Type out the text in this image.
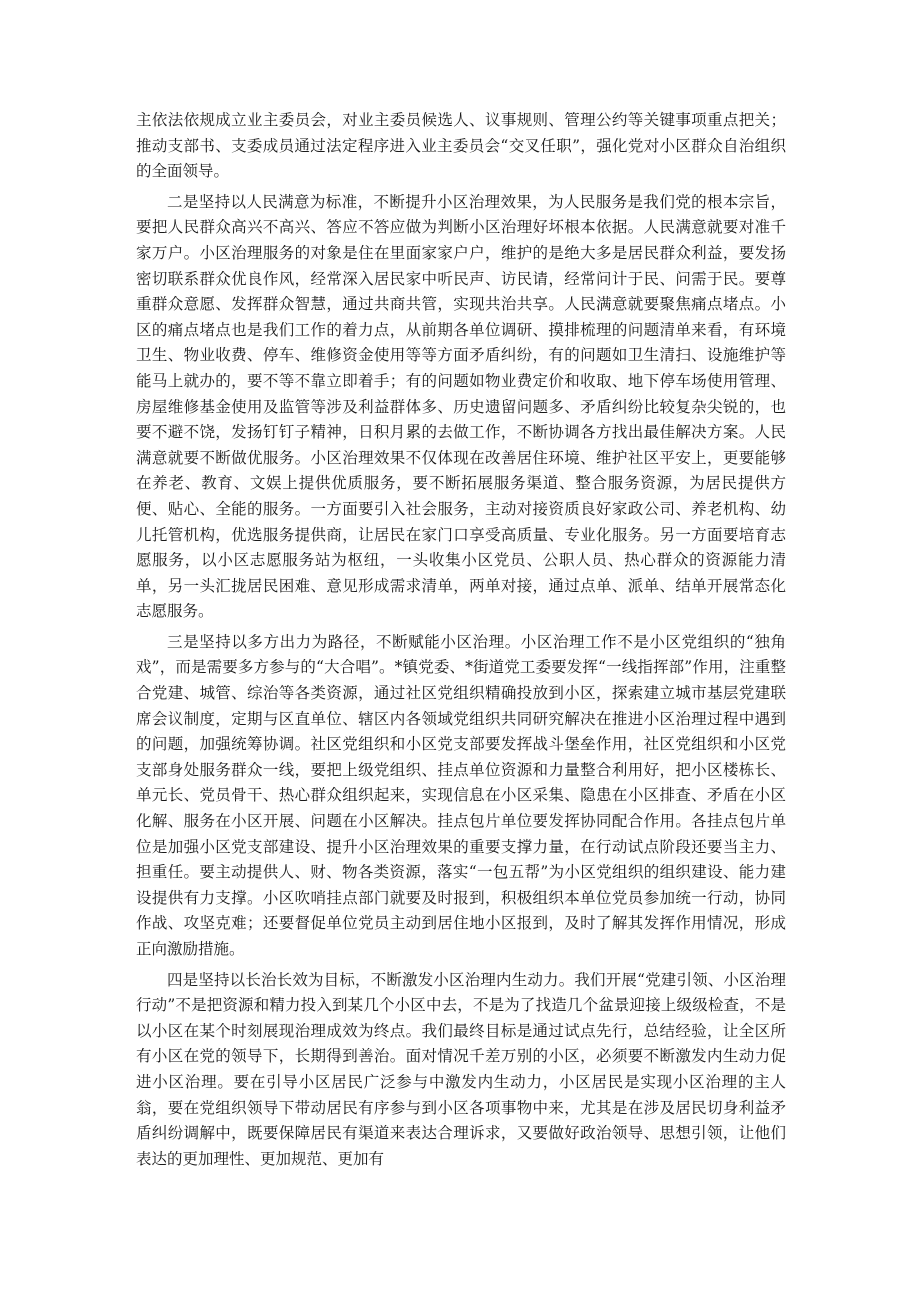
主依法依规成立业主委员会，对业主委员候选人、议事规则、管理公约等关键事项重点把关；推动支部书、支委成员通过法定程序进入业主委员会“交叉任职”，强化党对小区群众自治组织的全面领导。

二是坚持以人民满意为标准，不断提升小区治理效果，为人民服务是我们党的根本宗旨，要把人民群众高兴不高兴、答应不答应做为判断小区治理好坏根本依据。人民满意就要对准千家万户。小区治理服务的对象是住在里面家家户户，维护的是绝大多是居民群众利益，要发扬密切联系群众优良作风，经常深入居民家中听民声、访民请，经常问计于民、问需于民。要尊重群众意愿、发挥群众智慧，通过共商共管，实现共治共享。人民满意就要聚焦痛点堵点。小区的痛点堵点也是我们工作的着力点，从前期各单位调研、摸排梳理的问题清单来看，有环境卫生、物业收费、停车、维修资金使用等等方面矛盾纠纷，有的问题如卫生清扫、设施维护等能马上就办的，要不等不靠立即着手；有的问题如物业费定价和收取、地下停车场使用管理、房屋维修基金使用及监管等涉及利益群体多、历史遗留问题多、矛盾纠纷比较复杂尖锐的，也要不避不饶，发扬钉钉子精神，日积月累的去做工作，不断协调各方找出最佳解决方案。人民满意就要不断做优服务。小区治理效果不仅体现在改善居住环境、维护社区平安上，更要能够在养老、教育、文娱上提供优质服务，要不断拓展服务渠道、整合服务资源，为居民提供方便、贴心、全能的服务。一方面要引入社会服务，主动对接资质良好家政公司、养老机构、幼儿托管机构，优选服务提供商，让居民在家门口享受高质量、专业化服务。另一方面要培育志愿服务，以小区志愿服务站为枢纽，一头收集小区党员、公职人员、热心群众的资源能力清单，另一头汇拢居民困难、意见形成需求清单，两单对接，通过点单、派单、结单开展常态化志愿服务。

三是坚持以多方出力为路径，不断赋能小区治理。小区治理工作不是小区党组织的“独角戏”，而是需要多方参与的“大合唱”。*镇党委、*街道党工委要发挥“一线指挥部”作用，注重整合党建、城管、综治等各类资源，通过社区党组织精确投放到小区，探索建立城市基层党建联席会议制度，定期与区直单位、辖区内各领域党组织共同研究解决在推进小区治理过程中遇到的问题，加强统筹协调。社区党组织和小区党支部要发挥战斗堡垒作用，社区党组织和小区党支部身处服务群众一线，要把上级党组织、挂点单位资源和力量整合利用好，把小区楼栋长、单元长、党员骨干、热心群众组织起来，实现信息在小区采集、隐患在小区排查、矛盾在小区化解、服务在小区开展、问题在小区解决。挂点包片单位要发挥协同配合作用。各挂点包片单位是加强小区党支部建设、提升小区治理效果的重要支撑力量，在行动试点阶段还要当主力、担重任。要主动提供人、财、物各类资源，落实“一包五帮”为小区党组织的组织建设、能力建设提供有力支撑。小区吹哨挂点部门就要及时报到，积极组织本单位党员参加统一行动，协同作战、攻坚克难；还要督促单位党员主动到居住地小区报到，及时了解其发挥作用情况，形成正向激励措施。

四是坚持以长治长效为目标，不断激发小区治理内生动力。我们开展“党建引领、小区治理行动”不是把资源和精力投入到某几个小区中去，不是为了找造几个盆景迎接上级级检查，不是以小区在某个时刻展现治理成效为终点。我们最终目标是通过试点先行，总结经验，让全区所有小区在党的领导下，长期得到善治。面对情况千差万别的小区，必须要不断激发内生动力促进小区治理。要在引导小区居民广泛参与中激发内生动力，小区居民是实现小区治理的主人翁，要在党组织领导下带动居民有序参与到小区各项事物中来，尤其是在涉及居民切身利益矛盾纠纷调解中，既要保障居民有渠道来表达合理诉求，又要做好政治领导、思想引领，让他们表达的更加理性、更加规范、更加有
